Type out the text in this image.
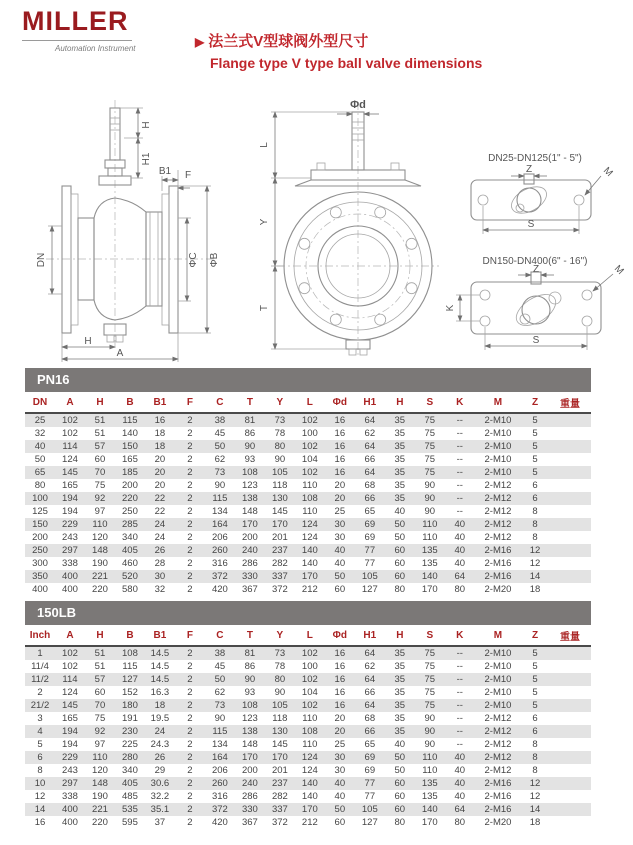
MILLER
Automation Instrument	▶ 法兰式V型球阀外型尺寸
Flange type V type ball valve dimensions
H
H1
B1 F
DN	ΦC ΦB
H
A
Φd
L
Y
T
DN25-DN125(1" - 5")
Z	M
S
DN150-DN400(6" - 16")
Z	M
K
S
PN16
DN	A	H	B	B1	F	C	T	Y	L	Φd	H1	H	S	K	M	Z	重量
25	102	51	115	16	2	38	81	73	102	16	64	35	75	--	2-M10	5	
32	102	51	140	18	2	45	86	78	100	16	62	35	75	--	2-M10	5	
40	114	57	150	18	2	50	90	80	102	16	64	35	75	--	2-M10	5	
50	124	60	165	20	2	62	93	90	104	16	66	35	75	--	2-M10	5	
65	145	70	185	20	2	73	108	105	102	16	64	35	75	--	2-M10	5	
80	165	75	200	20	2	90	123	118	110	20	68	35	90	--	2-M12	6	
100	194	92	220	22	2	115	138	130	108	20	66	35	90	--	2-M12	6	
125	194	97	250	22	2	134	148	145	110	25	65	40	90	--	2-M12	8	
150	229	110	285	24	2	164	170	170	124	30	69	50	110	40	2-M12	8	
200	243	120	340	24	2	206	200	201	124	30	69	50	110	40	2-M12	8	
250	297	148	405	26	2	260	240	237	140	40	77	60	135	40	2-M16	12	
300	338	190	460	28	2	316	286	282	140	40	77	60	135	40	2-M16	12	
350	400	221	520	30	2	372	330	337	170	50	105	60	140	64	2-M16	14	
400	400	220	580	32	2	420	367	372	212	60	127	80	170	80	2-M20	18	
150LB
Inch	A	H	B	B1	F	C	T	Y	L	Φd	H1	H	S	K	M	Z	重量
1	102	51	108	14.5	2	38	81	73	102	16	64	35	75	--	2-M10	5	
11/4	102	51	115	14.5	2	45	86	78	100	16	62	35	75	--	2-M10	5	
11/2	114	57	127	14.5	2	50	90	80	102	16	64	35	75	--	2-M10	5	
2	124	60	152	16.3	2	62	93	90	104	16	66	35	75	--	2-M10	5	
21/2	145	70	180	18	2	73	108	105	102	16	64	35	75	--	2-M10	5	
3	165	75	191	19.5	2	90	123	118	110	20	68	35	90	--	2-M12	6	
4	194	92	230	24	2	115	138	130	108	20	66	35	90	--	2-M12	6	
5	194	97	225	24.3	2	134	148	145	110	25	65	40	90	--	2-M12	8	
6	229	110	280	26	2	164	170	170	124	30	69	50	110	40	2-M12	8	
8	243	120	340	29	2	206	200	201	124	30	69	50	110	40	2-M12	8	
10	297	148	405	30.6	2	260	240	237	140	40	77	60	135	40	2-M16	12	
12	338	190	485	32.2	2	316	286	282	140	40	77	60	135	40	2-M16	12	
14	400	221	535	35.1	2	372	330	337	170	50	105	60	140	64	2-M16	14	
16	400	220	595	37	2	420	367	372	212	60	127	80	170	80	2-M20	18	
